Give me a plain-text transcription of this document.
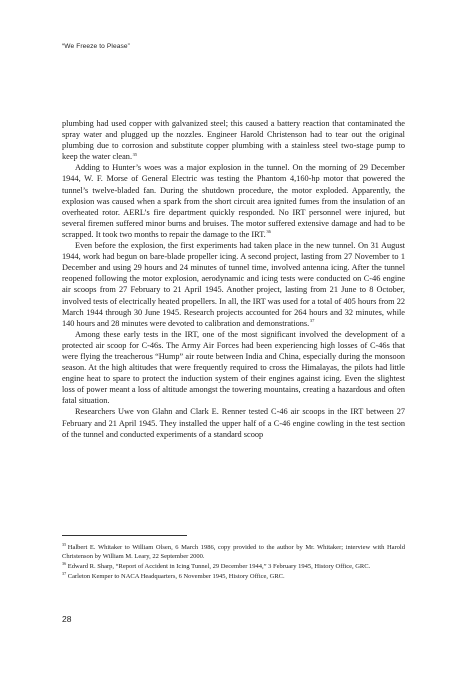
“We Freeze to Please”

plumbing had used copper with galvanized steel; this caused a battery reaction that contaminated the spray water and plugged up the nozzles. Engineer Harold Christenson had to tear out the original plumbing due to corrosion and substitute copper plumbing with a stainless steel two-stage pump to keep the water clean.$^{35}$

Adding to Hunter’s woes was a major explosion in the tunnel. On the morning of 29 December 1944, W. F. Morse of General Electric was testing the Phantom 4,160-hp motor that powered the tunnel’s twelve-bladed fan. During the shutdown procedure, the motor exploded. Apparently, the explosion was caused when a spark from the short circuit area ignited fumes from the insulation of an overheated rotor. AERL’s fire department quickly responded. No IRT personnel were injured, but several firemen suffered minor burns and bruises. The motor suffered extensive damage and had to be scrapped. It took two months to repair the damage to the IRT.$^{36}$

Even before the explosion, the first experiments had taken place in the new tunnel. On 31 August 1944, work had begun on bare-blade propeller icing. A second project, lasting from 27 November to 1 December and using 29 hours and 24 minutes of tunnel time, involved antenna icing. After the tunnel reopened following the motor explosion, aerodynamic and icing tests were conducted on C-46 engine air scoops from 27 February to 21 April 1945. Another project, lasting from 21 June to 8 October, involved tests of electrically heated propellers. In all, the IRT was used for a total of 405 hours from 22 March 1944 through 30 June 1945. Research projects accounted for 264 hours and 32 minutes, while 140 hours and 28 minutes were devoted to calibration and demonstrations.$^{37}$

Among these early tests in the IRT, one of the most significant involved the development of a protected air scoop for C-46s. The Army Air Forces had been experiencing high losses of C-46s that were flying the treacherous “Hump” air route between India and China, especially during the monsoon season. At the high altitudes that were frequently required to cross the Himalayas, the pilots had little engine heat to spare to protect the induction system of their engines against icing. Even the slightest loss of power meant a loss of altitude amongst the towering mountains, creating a hazardous and often fatal situation.

Researchers Uwe von Glahn and Clark E. Renner tested C-46 air scoops in the IRT between 27 February and 21 April 1945. They installed the upper half of a C-46 engine cowling in the test section of the tunnel and conducted experiments of a standard scoop

$^{35}$ Halbert E. Whitaker to William Olsen, 6 March 1986, copy provided to the author by Mr. Whitaker; interview with Harold Christenson by William M. Leary, 22 September 2000.

$^{36}$ Edward R. Sharp, “Report of Accident in Icing Tunnel, 29 December 1944,” 3 February 1945, History Office, GRC.

$^{37}$ Carleton Kemper to NACA Headquarters, 6 November 1945, History Office, GRC.

28
